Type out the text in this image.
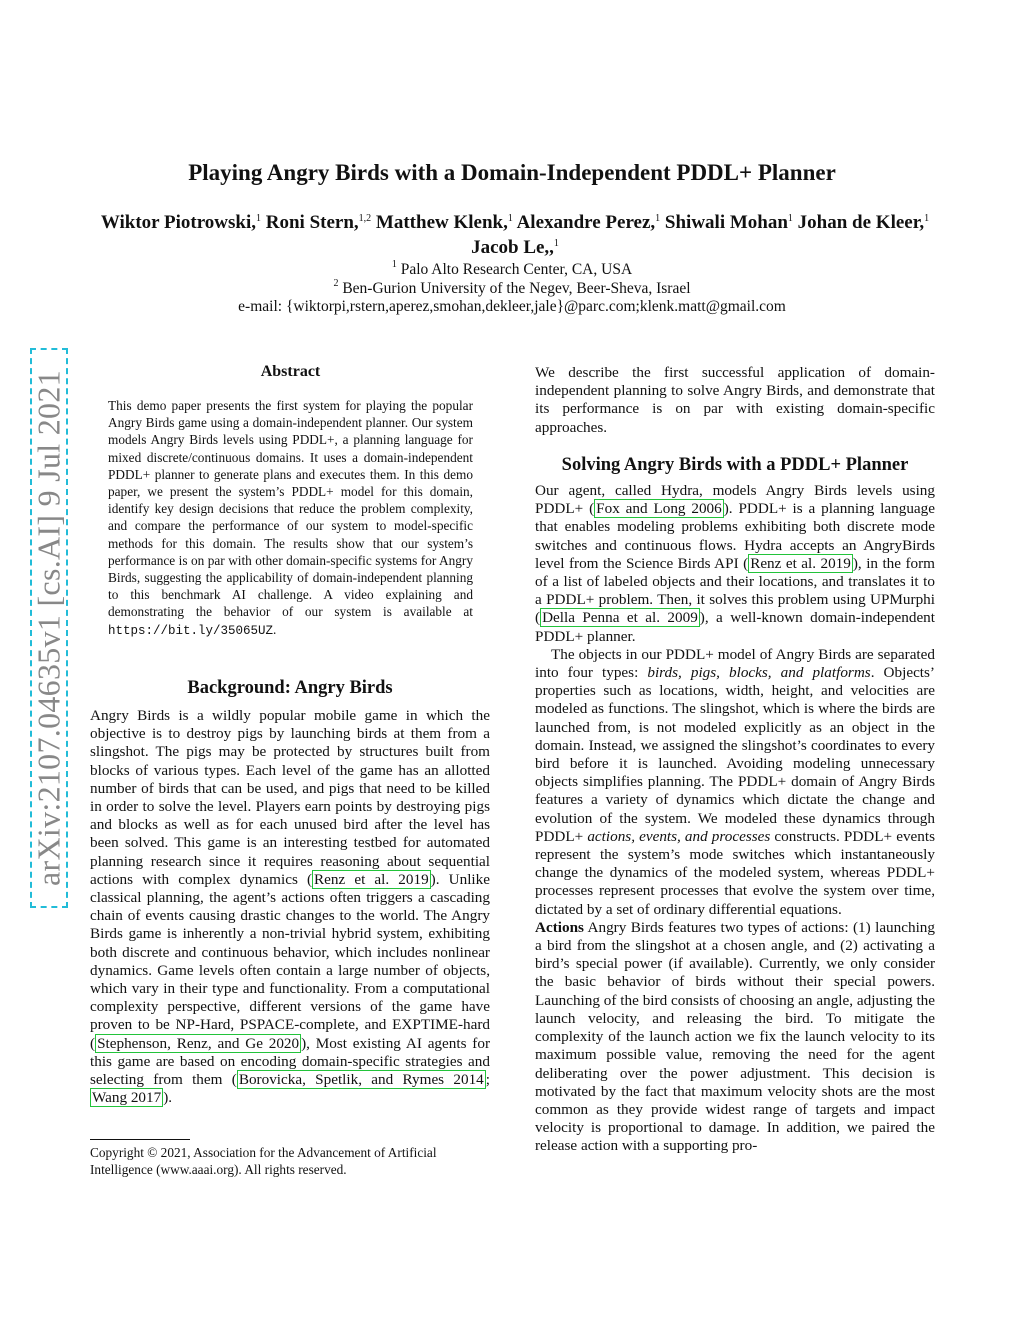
Playing Angry Birds with a Domain-Independent PDDL+ Planner
Wiktor Piotrowski,$^1$ Roni Stern,$^{1,2}$ Matthew Klenk,$^1$ Alexandre Perez,$^1$ Shiwali Mohan$^1$ Johan de Kleer,$^1$ Jacob Le,,$^1$
$^1$ Palo Alto Research Center, CA, USA
$^2$ Ben-Gurion University of the Negev, Beer-Sheva, Israel
e-mail: {wiktorpi,rstern,aperez,smohan,dekleer,jale}@parc.com;klenk.matt@gmail.com
arXiv:2107.04635v1 [cs.AI] 9 Jul 2021	Abstract
This demo paper presents the first system for playing the popular Angry Birds game using a domain-independent planner. Our system models Angry Birds levels using PDDL+, a planning language for mixed discrete/continuous domains. It uses a domain-independent PDDL+ planner to generate plans and executes them. In this demo paper, we present the system’s PDDL+ model for this domain, identify key design decisions that reduce the problem complexity, and compare the performance of our system to model-specific methods for this domain. The results show that our system’s performance is on par with other domain-specific systems for Angry Birds, suggesting the applicability of domain-independent planning to this benchmark AI challenge. A video explaining and demonstrating the behavior of our system is available at https://bit.ly/35065UZ.
Background: Angry Birds
Angry Birds is a wildly popular mobile game in which the objective is to destroy pigs by launching birds at them from a slingshot. The pigs may be protected by structures built from blocks of various types. Each level of the game has an allotted number of birds that can be used, and pigs that need to be killed in order to solve the level. Players earn points by destroying pigs and blocks as well as for each unused bird after the level has been solved. This game is an interesting testbed for automated planning research since it requires reasoning about sequential actions with complex dynamics ( Renz et al. 2019 ). Unlike classical planning, the agent’s actions often triggers a cascading chain of events causing drastic changes to the world. The Angry Birds game is inherently a non-trivial hybrid system, exhibiting both discrete and continuous behavior, which includes nonlinear dynamics. Game levels often contain a large number of objects, which vary in their type and functionality. From a computational complexity perspective, different versions of the game have proven to be NP-Hard, PSPACE-complete, and EXPTIME-hard ( Stephenson, Renz, and Ge 2020 ), Most existing AI agents for this game are based on encoding domain-specific strategies and selecting from them ( Borovicka, Spetlik, and Rymes 2014 ; Wang 2017 ).
Copyright © 2021, Association for the Advancement of Artificial Intelligence (www.aaai.org). All rights reserved.
We describe the first successful application of domain-independent planning to solve Angry Birds, and demonstrate that its performance is on par with existing domain-specific approaches.
Solving Angry Birds with a PDDL+ Planner

Our agent, called Hydra, models Angry Birds levels using PDDL+ ( Fox and Long 2006 ). PDDL+ is a planning language that enables modeling problems exhibiting both discrete mode switches and continuous flows. Hydra accepts an AngryBirds level from the Science Birds API ( Renz et al. 2019 ), in the form of a list of labeled objects and their locations, and translates it to a PDDL+ problem. Then, it solves this problem using UPMurphi ( Della Penna et al. 2009 ), a well-known domain-independent PDDL+ planner.

The objects in our PDDL+ model of Angry Birds are separated into four types: birds, pigs, blocks, and platforms. Objects’ properties such as locations, width, height, and velocities are modeled as functions. The slingshot, which is where the birds are launched from, is not modeled explicitly as an object in the domain. Instead, we assigned the slingshot’s coordinates to every bird before it is launched. Avoiding modeling unnecessary objects simplifies planning. The PDDL+ domain of Angry Birds features a variety of dynamics which dictate the change and evolution of the system. We modeled these dynamics through PDDL+ actions, events, and processes constructs. PDDL+ events represent the system’s mode switches which instantaneously change the dynamics of the modeled system, whereas PDDL+ processes represent processes that evolve the system over time, dictated by a set of ordinary differential equations.

Actions Angry Birds features two types of actions: (1) launching a bird from the slingshot at a chosen angle, and (2) activating a bird’s special power (if available). Currently, we only consider the basic behavior of birds without their special powers. Launching of the bird consists of choosing an angle, adjusting the launch velocity, and releasing the bird. To mitigate the complexity of the launch action we fix the launch velocity to its maximum possible value, removing the need for the agent deliberating over the power adjustment. This decision is motivated by the fact that maximum velocity shots are the most common as they provide widest range of targets and impact velocity is proportional to damage. In addition, we paired the release action with a supporting pro-
